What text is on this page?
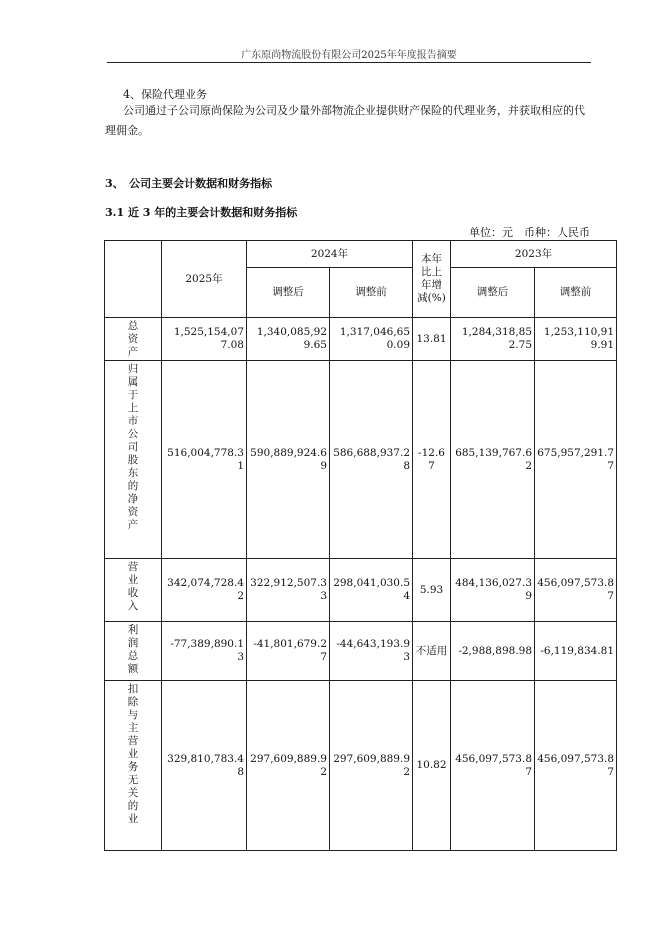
广东原尚物流股份有限公司2025年年度报告摘要
4、保险代理业务
公司通过子公司原尚保险为公司及少量外部物流企业提供财产保险的代理业务，并获取相应的代理佣金。
3、　公司主要会计数据和财务指标
3.1 近 3 年的主要会计数据和财务指标
单位：元　币种：人民币
	2025年	2024年		本年比上年增减(%)	2023年	
		调整后	调整前		调整后	调整前

总资产	1,525,154,077.08	1,340,085,929.65	1,317,046,650.09	13.81	1,284,318,852.75	1,253,110,919.91

归属于上市公司股东的净资产	516,004,778.31	590,889,924.69	586,688,937.28	-12.67	685,139,767.62	675,957,291.77

营业收入	342,074,728.42	322,912,507.33	298,041,030.54	5.93	484,136,027.39	456,097,573.87

利润总额	-77,389,890.13	-41,801,679.27	-44,643,193.93	不适用	-2,988,898.98	-6,119,834.81

扣除与主营业务无关的业	329,810,783.48	297,609,889.92	297,609,889.92	10.82	456,097,573.87	456,097,573.87
